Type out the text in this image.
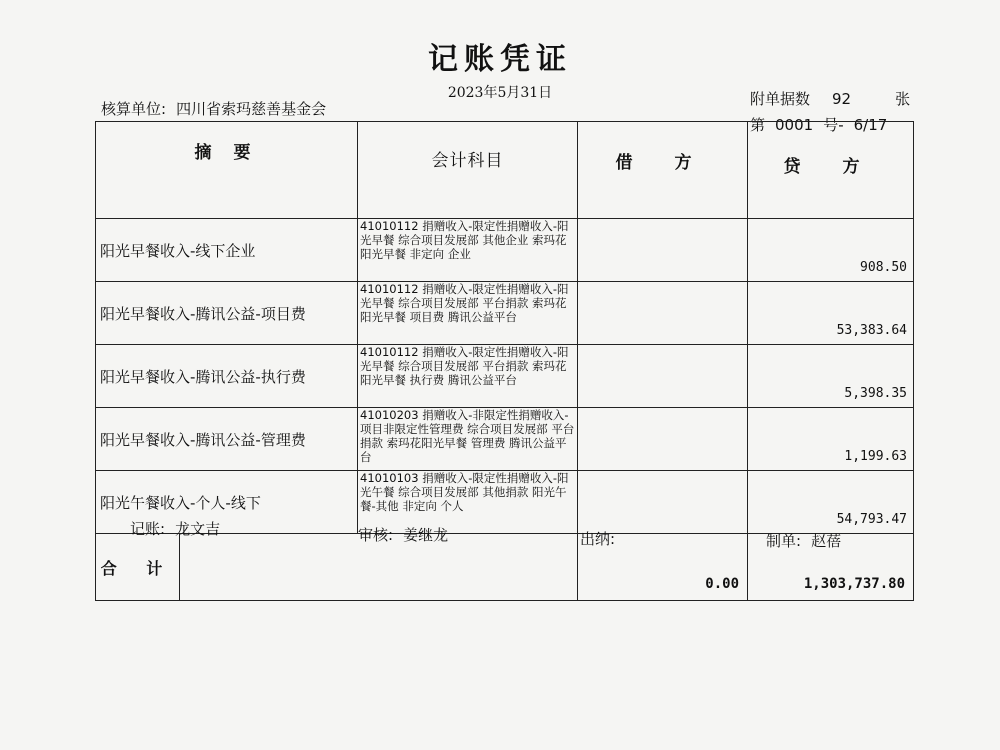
记账凭证
2023年5月31日
核算单位: 四川省索玛慈善基金会
附单据数 92	张
第 0001 号- 6/17
摘 要		会计科目	借 方	贷 方
阳光早餐收入-线下企业		41010112 捐赠收入-限定性捐赠收入-阳光早餐 综合项目发展部 其他企业 索玛花阳光早餐 非定向 企业		908.50
阳光早餐收入-腾讯公益-项目费		41010112 捐赠收入-限定性捐赠收入-阳光早餐 综合项目发展部 平台捐款 索玛花阳光早餐 项目费 腾讯公益平台		53,383.64
阳光早餐收入-腾讯公益-执行费		41010112 捐赠收入-限定性捐赠收入-阳光早餐 综合项目发展部 平台捐款 索玛花阳光早餐 执行费 腾讯公益平台		5,398.35
阳光早餐收入-腾讯公益-管理费		41010203 捐赠收入-非限定性捐赠收入-项目非限定性管理费 综合项目发展部 平台捐款 索玛花阳光早餐 管理费 腾讯公益平台		1,199.63
阳光午餐收入-个人-线下		41010103 捐赠收入-限定性捐赠收入-阳光午餐 综合项目发展部 其他捐款 阳光午餐-其他 非定向 个人		54,793.47
合 计			0.00	1,303,737.80
记账: 龙文吉	审核: 姜继龙	出纳:	制单: 赵蓓
